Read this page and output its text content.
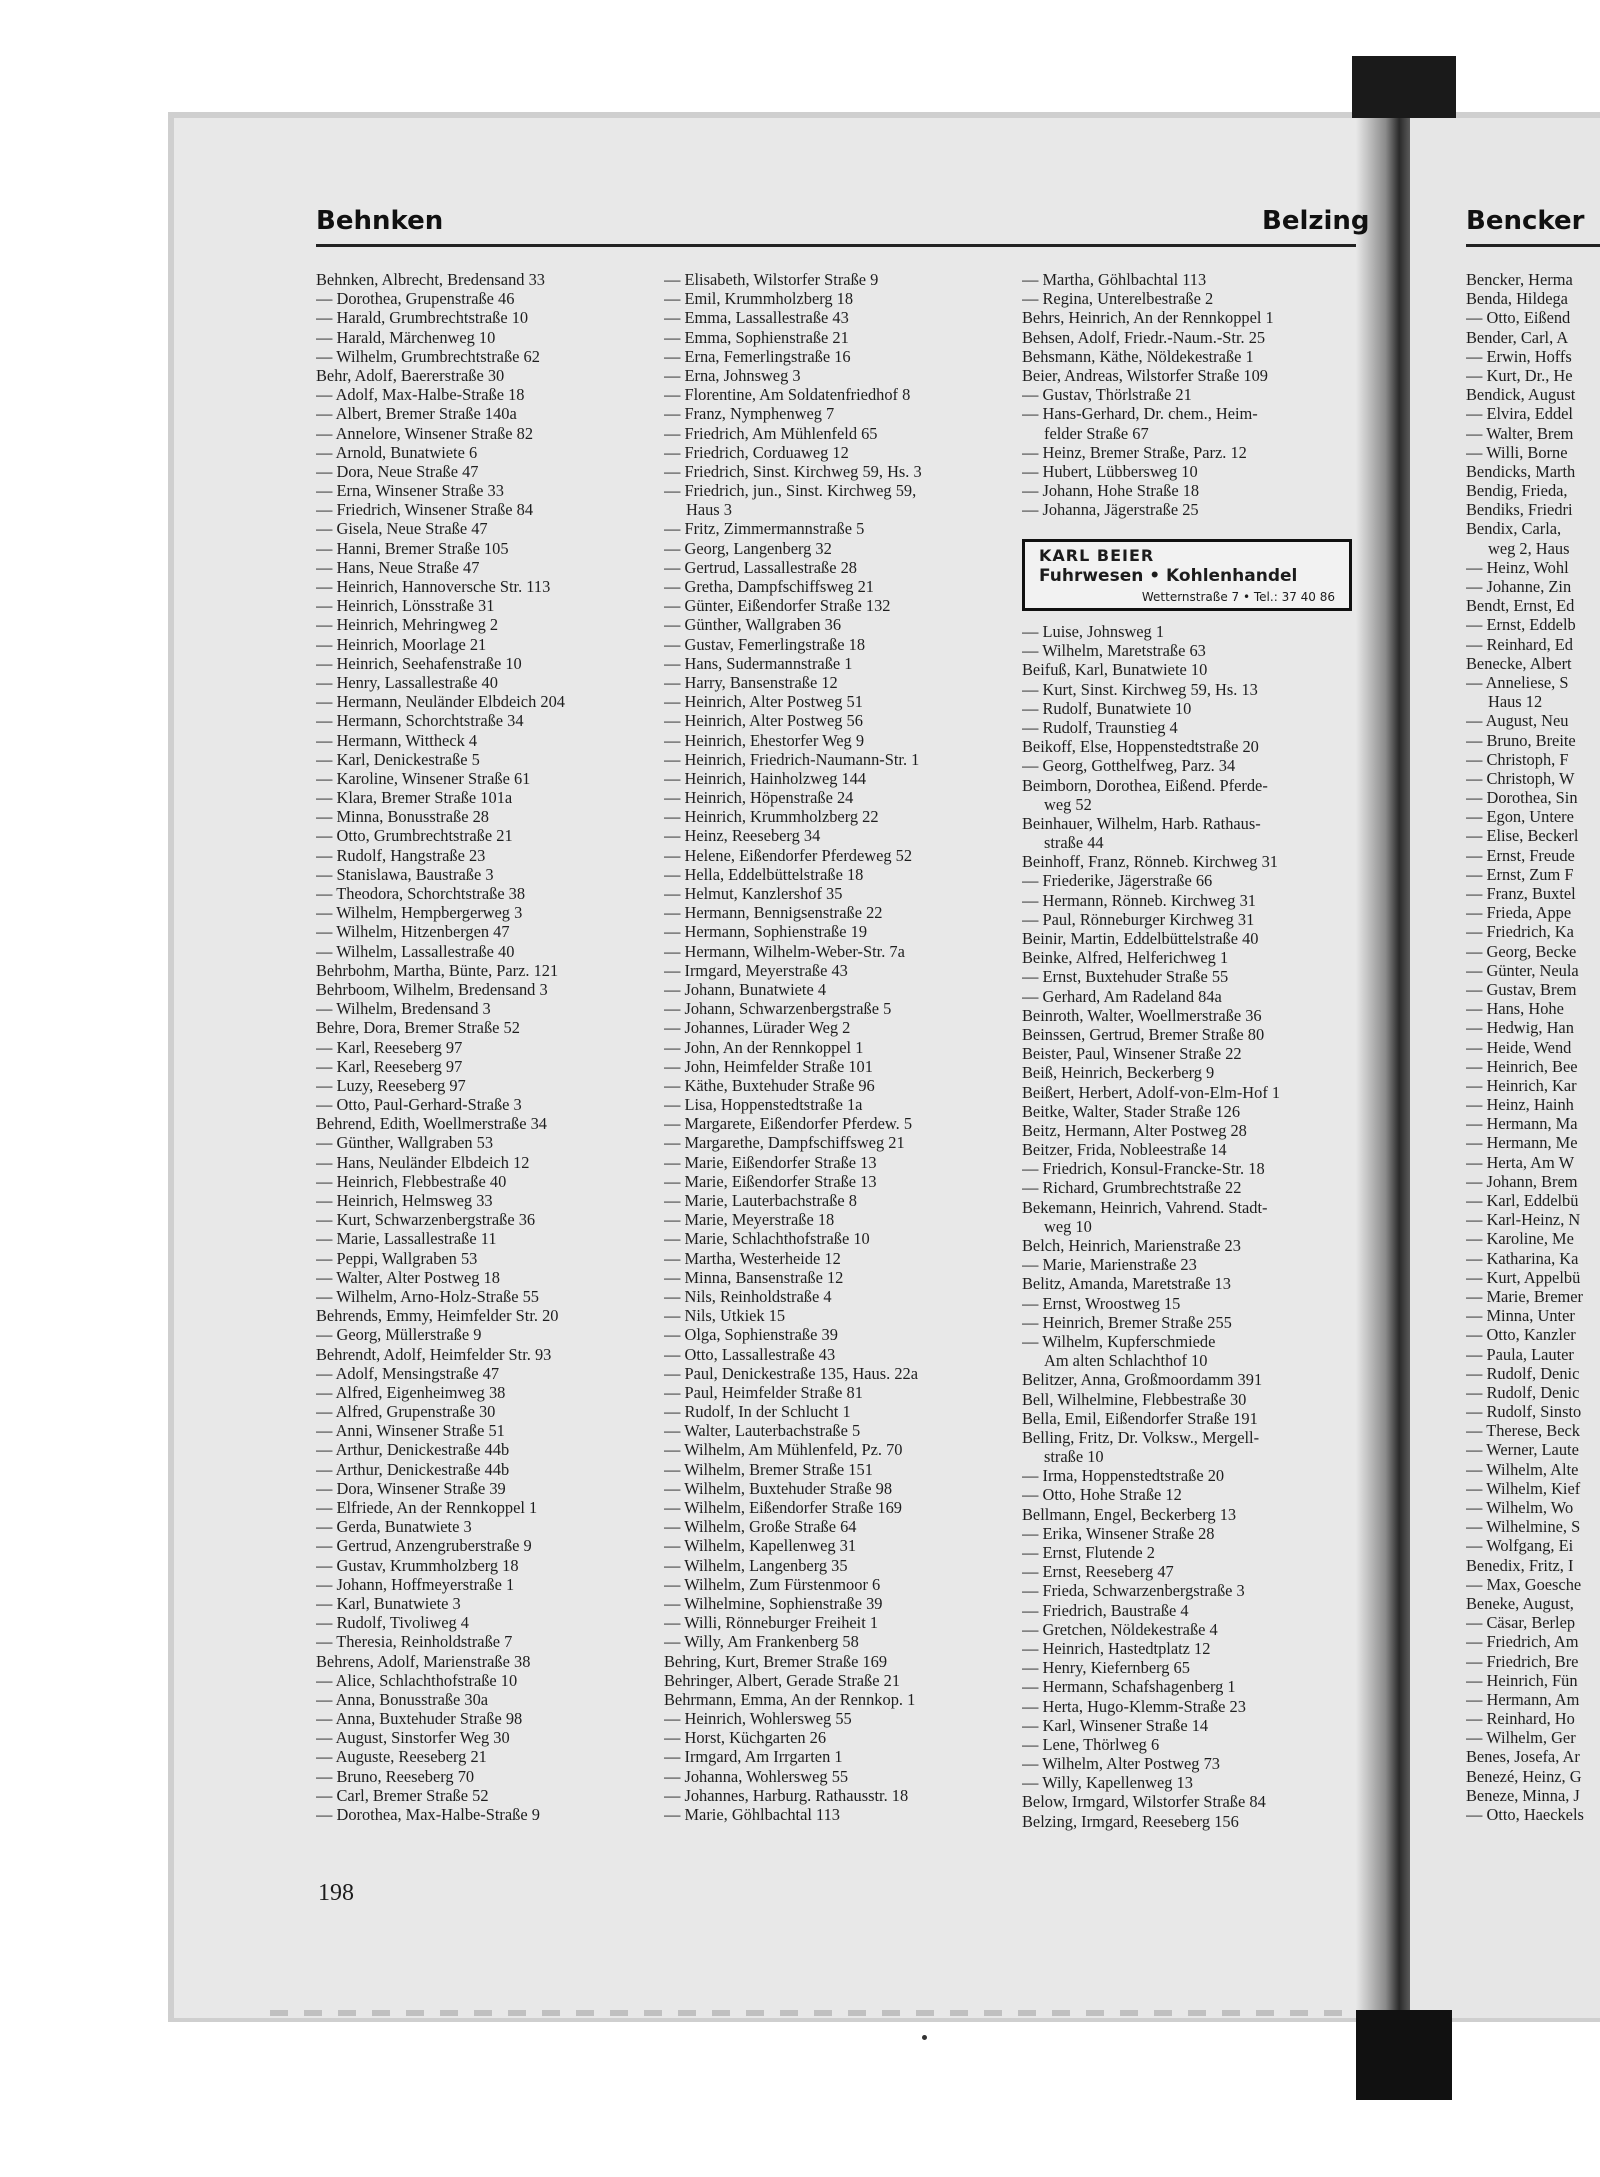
Behnken	Belzing	Bencker
Behnken, Albrecht, Bredensand 33
— Dorothea, Grupenstraße 46
— Harald, Grumbrechtstraße 10
— Harald, Märchenweg 10
— Wilhelm, Grumbrechtstraße 62
Behr, Adolf, Baererstraße 30
— Adolf, Max-Halbe-Straße 18
— Albert, Bremer Straße 140a
— Annelore, Winsener Straße 82
— Arnold, Bunatwiete 6
— Dora, Neue Straße 47
— Erna, Winsener Straße 33
— Friedrich, Winsener Straße 84
— Gisela, Neue Straße 47
— Hanni, Bremer Straße 105
— Hans, Neue Straße 47
— Heinrich, Hannoversche Str. 113
— Heinrich, Lönsstraße 31
— Heinrich, Mehringweg 2
— Heinrich, Moorlage 21
— Heinrich, Seehafenstraße 10
— Henry, Lassallestraße 40
— Hermann, Neuländer Elbdeich 204
— Hermann, Schorchtstraße 34
— Hermann, Wittheck 4
— Karl, Denickestraße 5
— Karoline, Winsener Straße 61
— Klara, Bremer Straße 101a
— Minna, Bonusstraße 28
— Otto, Grumbrechtstraße 21
— Rudolf, Hangstraße 23
— Stanislawa, Baustraße 3
— Theodora, Schorchtstraße 38
— Wilhelm, Hempbergerweg 3
— Wilhelm, Hitzenbergen 47
— Wilhelm, Lassallestraße 40
Behrbohm, Martha, Bünte, Parz. 121
Behrboom, Wilhelm, Bredensand 3
— Wilhelm, Bredensand 3
Behre, Dora, Bremer Straße 52
— Karl, Reeseberg 97
— Karl, Reeseberg 97
— Luzy, Reeseberg 97
— Otto, Paul-Gerhard-Straße 3
Behrend, Edith, Woellmerstraße 34
— Günther, Wallgraben 53
— Hans, Neuländer Elbdeich 12
— Heinrich, Flebbestraße 40
— Heinrich, Helmsweg 33
— Kurt, Schwarzenbergstraße 36
— Marie, Lassallestraße 11
— Peppi, Wallgraben 53
— Walter, Alter Postweg 18
— Wilhelm, Arno-Holz-Straße 55
Behrends, Emmy, Heimfelder Str. 20
— Georg, Müllerstraße 9
Behrendt, Adolf, Heimfelder Str. 93
— Adolf, Mensingstraße 47
— Alfred, Eigenheimweg 38
— Alfred, Grupenstraße 30
— Anni, Winsener Straße 51
— Arthur, Denickestraße 44b
— Arthur, Denickestraße 44b
— Dora, Winsener Straße 39
— Elfriede, An der Rennkoppel 1
— Gerda, Bunatwiete 3
— Gertrud, Anzengruberstraße 9
— Gustav, Krummholzberg 18
— Johann, Hoffmeyerstraße 1
— Karl, Bunatwiete 3
— Rudolf, Tivoliweg 4
— Theresia, Reinholdstraße 7
Behrens, Adolf, Marienstraße 38
— Alice, Schlachthofstraße 10
— Anna, Bonusstraße 30a
— Anna, Buxtehuder Straße 98
— August, Sinstorfer Weg 30
— Auguste, Reeseberg 21
— Bruno, Reeseberg 70
— Carl, Bremer Straße 52
— Dorothea, Max-Halbe-Straße 9
— Elisabeth, Wilstorfer Straße 9
— Emil, Krummholzberg 18
— Emma, Lassallestraße 43
— Emma, Sophienstraße 21
— Erna, Femerlingstraße 16
— Erna, Johnsweg 3
— Florentine, Am Soldatenfriedhof 8
— Franz, Nymphenweg 7
— Friedrich, Am Mühlenfeld 65
— Friedrich, Corduaweg 12
— Friedrich, Sinst. Kirchweg 59, Hs. 3
— Friedrich, jun., Sinst. Kirchweg 59,
Haus 3
— Fritz, Zimmermannstraße 5
— Georg, Langenberg 32
— Gertrud, Lassallestraße 28
— Gretha, Dampfschiffsweg 21
— Günter, Eißendorfer Straße 132
— Günther, Wallgraben 36
— Gustav, Femerlingstraße 18
— Hans, Sudermannstraße 1
— Harry, Bansenstraße 12
— Heinrich, Alter Postweg 51
— Heinrich, Alter Postweg 56
— Heinrich, Ehestorfer Weg 9
— Heinrich, Friedrich-Naumann-Str. 1
— Heinrich, Hainholzweg 144
— Heinrich, Höpenstraße 24
— Heinrich, Krummholzberg 22
— Heinz, Reeseberg 34
— Helene, Eißendorfer Pferdeweg 52
— Hella, Eddelbüttelstraße 18
— Helmut, Kanzlershof 35
— Hermann, Bennigsenstraße 22
— Hermann, Sophienstraße 19
— Hermann, Wilhelm-Weber-Str. 7a
— Irmgard, Meyerstraße 43
— Johann, Bunatwiete 4
— Johann, Schwarzenbergstraße 5
— Johannes, Lürader Weg 2
— John, An der Rennkoppel 1
— John, Heimfelder Straße 101
— Käthe, Buxtehuder Straße 96
— Lisa, Hoppenstedtstraße 1a
— Margarete, Eißendorfer Pferdew. 5
— Margarethe, Dampfschiffsweg 21
— Marie, Eißendorfer Straße 13
— Marie, Eißendorfer Straße 13
— Marie, Lauterbachstraße 8
— Marie, Meyerstraße 18
— Marie, Schlachthofstraße 10
— Martha, Westerheide 12
— Minna, Bansenstraße 12
— Nils, Reinholdstraße 4
— Nils, Utkiek 15
— Olga, Sophienstraße 39
— Otto, Lassallestraße 43
— Paul, Denickestraße 135, Haus. 22a
— Paul, Heimfelder Straße 81
— Rudolf, In der Schlucht 1
— Walter, Lauterbachstraße 5
— Wilhelm, Am Mühlenfeld, Pz. 70
— Wilhelm, Bremer Straße 151
— Wilhelm, Buxtehuder Straße 98
— Wilhelm, Eißendorfer Straße 169
— Wilhelm, Große Straße 64
— Wilhelm, Kapellenweg 31
— Wilhelm, Langenberg 35
— Wilhelm, Zum Fürstenmoor 6
— Wilhelmine, Sophienstraße 39
— Willi, Rönneburger Freiheit 1
— Willy, Am Frankenberg 58
Behring, Kurt, Bremer Straße 169
Behringer, Albert, Gerade Straße 21
Behrmann, Emma, An der Rennkop. 1
— Heinrich, Wohlersweg 55
— Horst, Küchgarten 26
— Irmgard, Am Irrgarten 1
— Johanna, Wohlersweg 55
— Johannes, Harburg. Rathausstr. 18
— Marie, Göhlbachtal 113
— Martha, Göhlbachtal 113
— Regina, Unterelbestraße 2
Behrs, Heinrich, An der Rennkoppel 1
Behsen, Adolf, Friedr.-Naum.-Str. 25
Behsmann, Käthe, Nöldekestraße 1
Beier, Andreas, Wilstorfer Straße 109
— Gustav, Thörlstraße 21
— Hans-Gerhard, Dr. chem., Heim-
felder Straße 67
— Heinz, Bremer Straße, Parz. 12
— Hubert, Lübbersweg 10
— Johann, Hohe Straße 18
— Johanna, Jägerstraße 25
KARL BEIER
Fuhrwesen • Kohlenhandel
Wetternstraße 7 • Tel.: 37 40 86
— Luise, Johnsweg 1
— Wilhelm, Maretstraße 63
Beifuß, Karl, Bunatwiete 10
— Kurt, Sinst. Kirchweg 59, Hs. 13
— Rudolf, Bunatwiete 10
— Rudolf, Traunstieg 4
Beikoff, Else, Hoppenstedtstraße 20
— Georg, Gotthelfweg, Parz. 34
Beimborn, Dorothea, Eißend. Pferde-
weg 52
Beinhauer, Wilhelm, Harb. Rathaus-
straße 44
Beinhoff, Franz, Rönneb. Kirchweg 31
— Friederike, Jägerstraße 66
— Hermann, Rönneb. Kirchweg 31
— Paul, Rönneburger Kirchweg 31
Beinir, Martin, Eddelbüttelstraße 40
Beinke, Alfred, Helferichweg 1
— Ernst, Buxtehuder Straße 55
— Gerhard, Am Radeland 84a
Beinroth, Walter, Woellmerstraße 36
Beinssen, Gertrud, Bremer Straße 80
Beister, Paul, Winsener Straße 22
Beiß, Heinrich, Beckerberg 9
Beißert, Herbert, Adolf-von-Elm-Hof 1
Beitke, Walter, Stader Straße 126
Beitz, Hermann, Alter Postweg 28
Beitzer, Frida, Nobleestraße 14
— Friedrich, Konsul-Francke-Str. 18
— Richard, Grumbrechtstraße 22
Bekemann, Heinrich, Vahrend. Stadt-
weg 10
Belch, Heinrich, Marienstraße 23
— Marie, Marienstraße 23
Belitz, Amanda, Maretstraße 13
— Ernst, Wroostweg 15
— Heinrich, Bremer Straße 255
— Wilhelm, Kupferschmiede
Am alten Schlachthof 10
Belitzer, Anna, Großmoordamm 391
Bell, Wilhelmine, Flebbestraße 30
Bella, Emil, Eißendorfer Straße 191
Belling, Fritz, Dr. Volksw., Mergell-
straße 10
— Irma, Hoppenstedtstraße 20
— Otto, Hohe Straße 12
Bellmann, Engel, Beckerberg 13
— Erika, Winsener Straße 28
— Ernst, Flutende 2
— Ernst, Reeseberg 47
— Frieda, Schwarzenbergstraße 3
— Friedrich, Baustraße 4
— Gretchen, Nöldekestraße 4
— Heinrich, Hastedtplatz 12
— Henry, Kiefernberg 65
— Hermann, Schafshagenberg 1
— Herta, Hugo-Klemm-Straße 23
— Karl, Winsener Straße 14
— Lene, Thörlweg 6
— Wilhelm, Alter Postweg 73
— Willy, Kapellenweg 13
Below, Irmgard, Wilstorfer Straße 84
Belzing, Irmgard, Reeseberg 156
Bencker, Herma
Benda, Hildega
— Otto, Eißend
Bender, Carl, A
— Erwin, Hoffs
— Kurt, Dr., He
Bendick, August
— Elvira, Eddel
— Walter, Brem
— Willi, Borne
Bendicks, Marth
Bendig, Frieda,
Bendiks, Friedri
Bendix, Carla,
weg 2, Haus
— Heinz, Wohl
— Johanne, Zin
Bendt, Ernst, Ed
— Ernst, Eddelb
— Reinhard, Ed
Benecke, Albert
— Anneliese, S
Haus 12
— August, Neu
— Bruno, Breite
— Christoph, F
— Christoph, W
— Dorothea, Sin
— Egon, Untere
— Elise, Beckerl
— Ernst, Freude
— Ernst, Zum F
— Franz, Buxtel
— Frieda, Appe
— Friedrich, Ka
— Georg, Becke
— Günter, Neula
— Gustav, Brem
— Hans, Hohe
— Hedwig, Han
— Heide, Wend
— Heinrich, Bee
— Heinrich, Kar
— Heinz, Hainh
— Hermann, Ma
— Hermann, Me
— Herta, Am W
— Johann, Brem
— Karl, Eddelbü
— Karl-Heinz, N
— Karoline, Me
— Katharina, Ka
— Kurt, Appelbü
— Marie, Bremer
— Minna, Unter
— Otto, Kanzler
— Paula, Lauter
— Rudolf, Denic
— Rudolf, Denic
— Rudolf, Sinsto
— Therese, Beck
— Werner, Laute
— Wilhelm, Alte
— Wilhelm, Kief
— Wilhelm, Wo
— Wilhelmine, S
— Wolfgang, Ei
Benedix, Fritz, I
— Max, Goesche
Beneke, August,
— Cäsar, Berlep
— Friedrich, Am
— Friedrich, Bre
— Heinrich, Fün
— Hermann, Am
— Reinhard, Ho
— Wilhelm, Ger
Benes, Josefa, Ar
Benezé, Heinz, G
Beneze, Minna, J
— Otto, Haeckels
198
